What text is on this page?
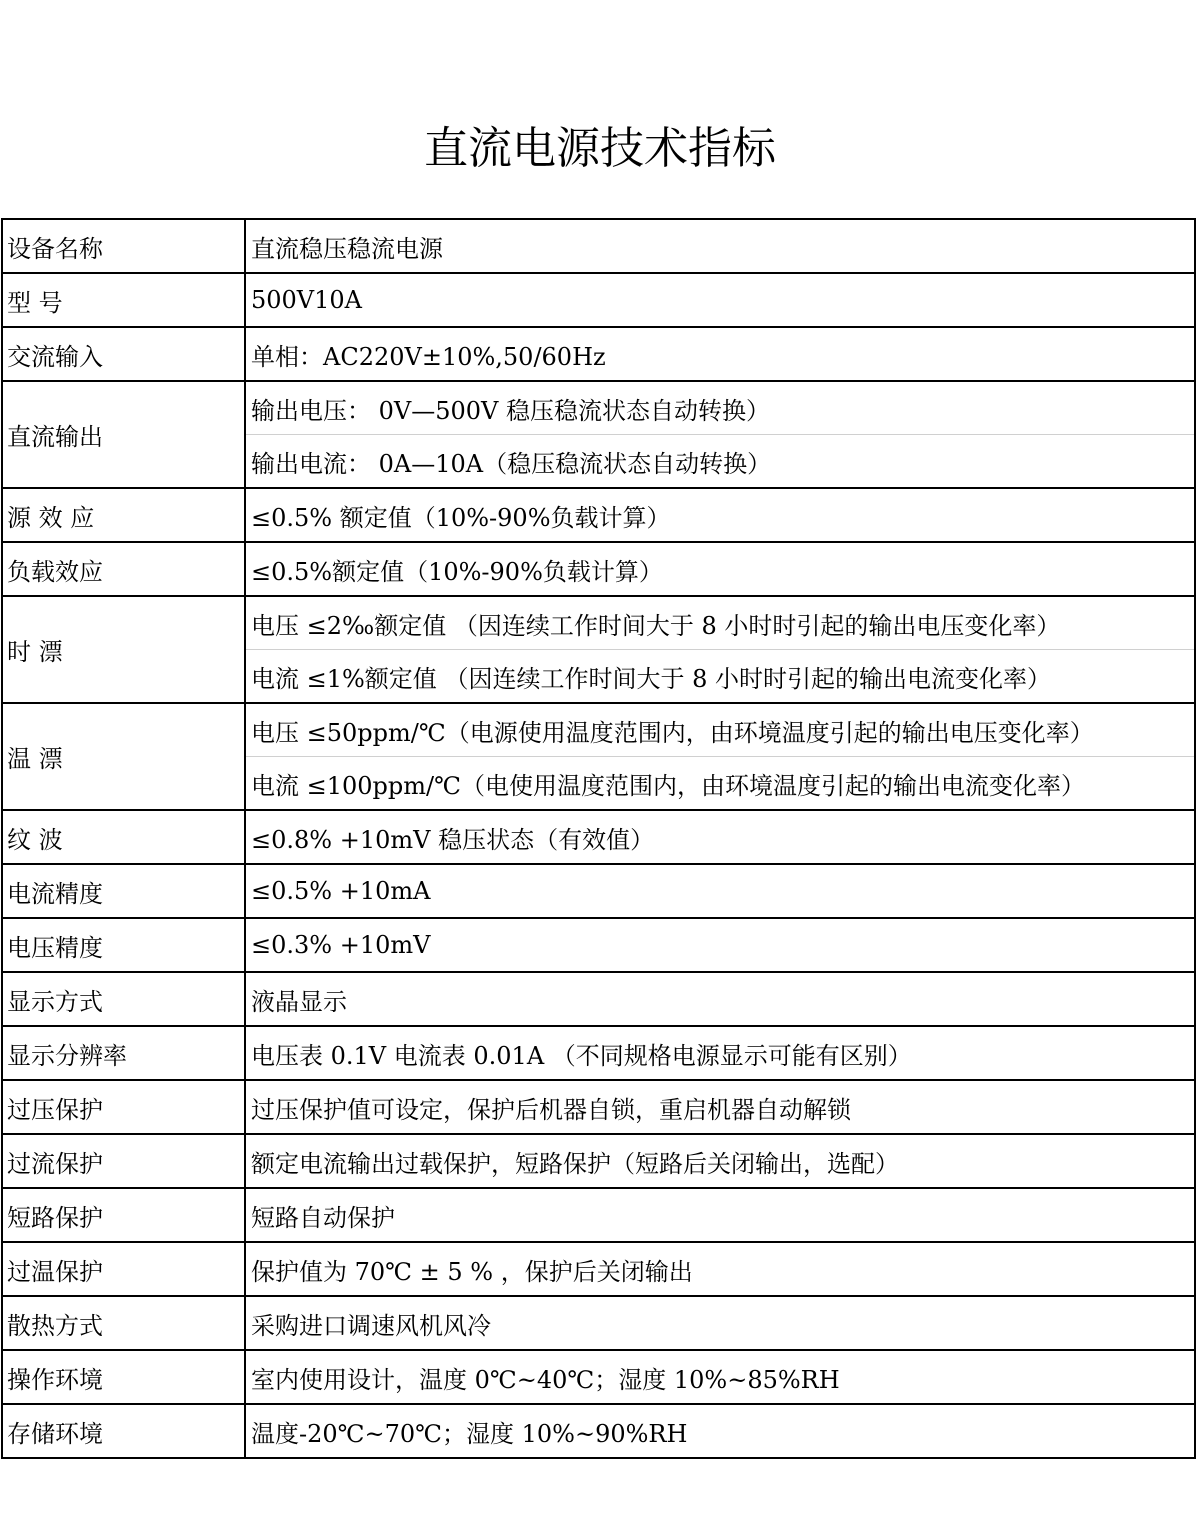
直流电源技术指标
设备名称	直流稳压稳流电源
型 号	500V10A
交流输入	单相：AC220V±10%,50/60Hz
直流输出	输出电压： 0V—500V 稳压稳流状态自动转换）
	输出电流： 0A—10A（稳压稳流状态自动转换）
源 效 应	≤0.5% 额定值（10%-90%负载计算）
负载效应	≤0.5%额定值（10%-90%负载计算）
时 漂	电压 ≤2‰额定值 （因连续工作时间大于 8 小时时引起的输出电压变化率）
	电流 ≤1%额定值 （因连续工作时间大于 8 小时时引起的输出电流变化率）
温 漂	电压 ≤50ppm/℃（电源使用温度范围内，由环境温度引起的输出电压变化率）
	电流 ≤100ppm/℃（电使用温度范围内，由环境温度引起的输出电流变化率）
纹 波	≤0.8% +10mV 稳压状态（有效值）
电流精度	≤0.5% +10mA
电压精度	≤0.3% +10mV
显示方式	液晶显示
显示分辨率	电压表 0.1V 电流表 0.01A （不同规格电源显示可能有区别）
过压保护	过压保护值可设定，保护后机器自锁，重启机器自动解锁
过流保护	额定电流输出过载保护，短路保护（短路后关闭输出，选配）
短路保护	短路自动保护
过温保护	保护值为 70℃ ± 5 % ，保护后关闭输出
散热方式	采购进口调速风机风冷
操作环境	室内使用设计，温度 0℃~40℃；湿度 10%~85%RH
存储环境	温度-20℃~70℃；湿度 10%~90%RH
